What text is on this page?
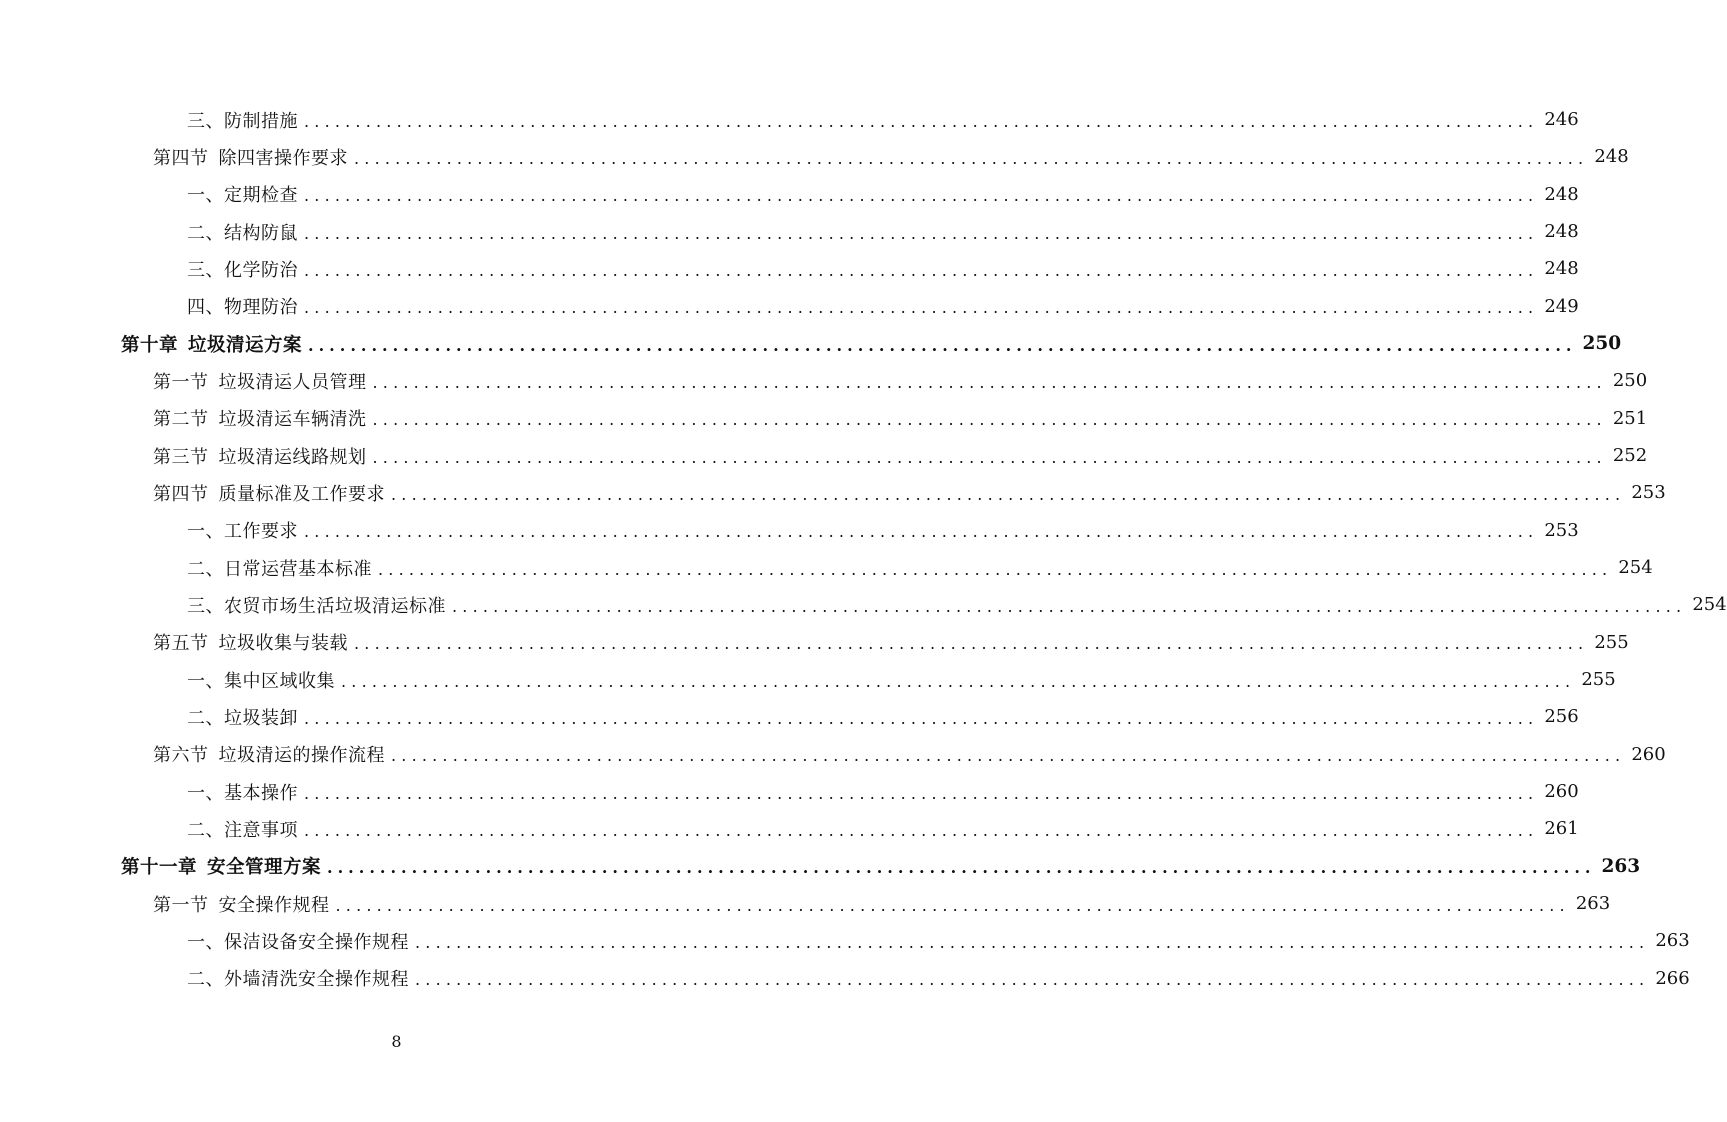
三、防制措施 ........................................................................................................................ 246
第四节 除四害操作要求 ........................................................................................................................ 248
一、定期检查 ........................................................................................................................ 248
二、结构防鼠 ........................................................................................................................ 248
三、化学防治 ........................................................................................................................ 248
四、物理防治 ........................................................................................................................ 249
第十章 垃圾清运方案 ........................................................................................................................ 250
第一节 垃圾清运人员管理 ........................................................................................................................ 250
第二节 垃圾清运车辆清洗 ........................................................................................................................ 251
第三节 垃圾清运线路规划 ........................................................................................................................ 252
第四节 质量标准及工作要求 ........................................................................................................................ 253
一、工作要求 ........................................................................................................................ 253
二、日常运营基本标准 ........................................................................................................................ 254
三、农贸市场生活垃圾清运标准 ........................................................................................................................ 254
第五节 垃圾收集与装载 ........................................................................................................................ 255
一、集中区域收集 ........................................................................................................................ 255
二、垃圾装卸 ........................................................................................................................ 256
第六节 垃圾清运的操作流程 ........................................................................................................................ 260
一、基本操作 ........................................................................................................................ 260
二、注意事项 ........................................................................................................................ 261
第十一章 安全管理方案 ........................................................................................................................ 263
第一节 安全操作规程 ........................................................................................................................ 263
一、保洁设备安全操作规程 ........................................................................................................................ 263
二、外墙清洗安全操作规程 ........................................................................................................................ 266
8
